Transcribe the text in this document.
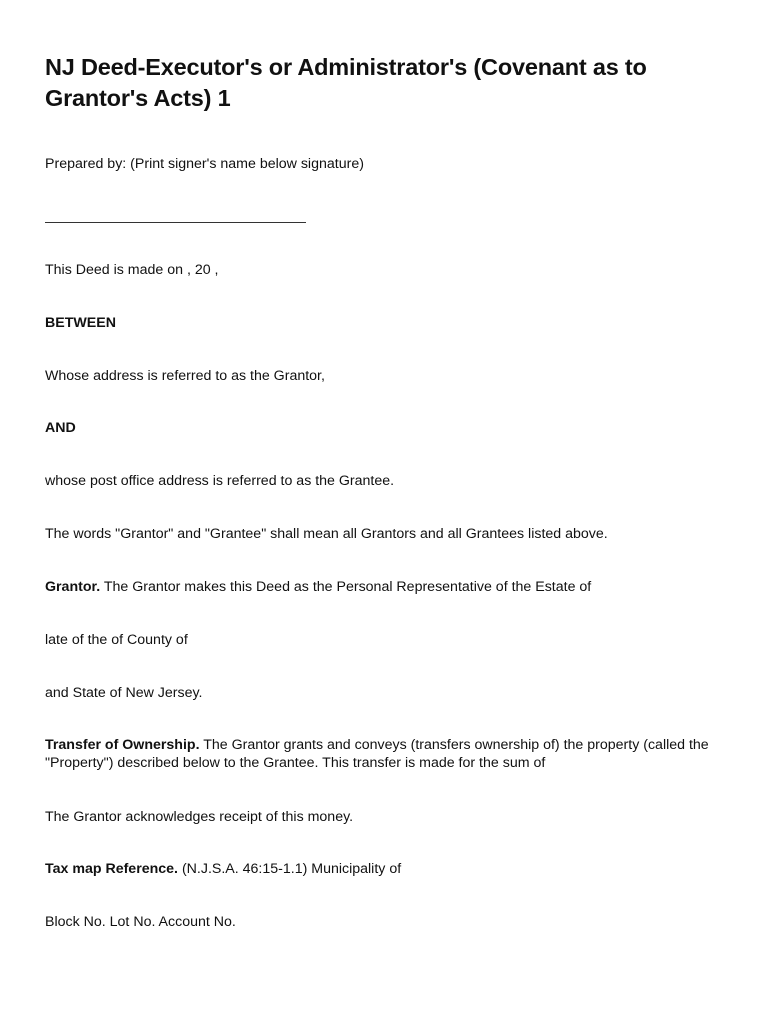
NJ Deed-Executor's or Administrator's (Covenant as to Grantor's Acts) 1
Prepared by: (Print signer's name below signature)
This Deed is made on , 20 ,
BETWEEN
Whose address is referred to as the Grantor,
AND
whose post office address is referred to as the Grantee.
The words "Grantor" and "Grantee" shall mean all Grantors and all Grantees listed above.
Grantor. The Grantor makes this Deed as the Personal Representative of the Estate of
late of the of County of
and State of New Jersey.
Transfer of Ownership. The Grantor grants and conveys (transfers ownership of) the property (called the "Property") described below to the Grantee. This transfer is made for the sum of
The Grantor acknowledges receipt of this money.
Tax map Reference. (N.J.S.A. 46:15-1.1) Municipality of
Block No. Lot No. Account No.
